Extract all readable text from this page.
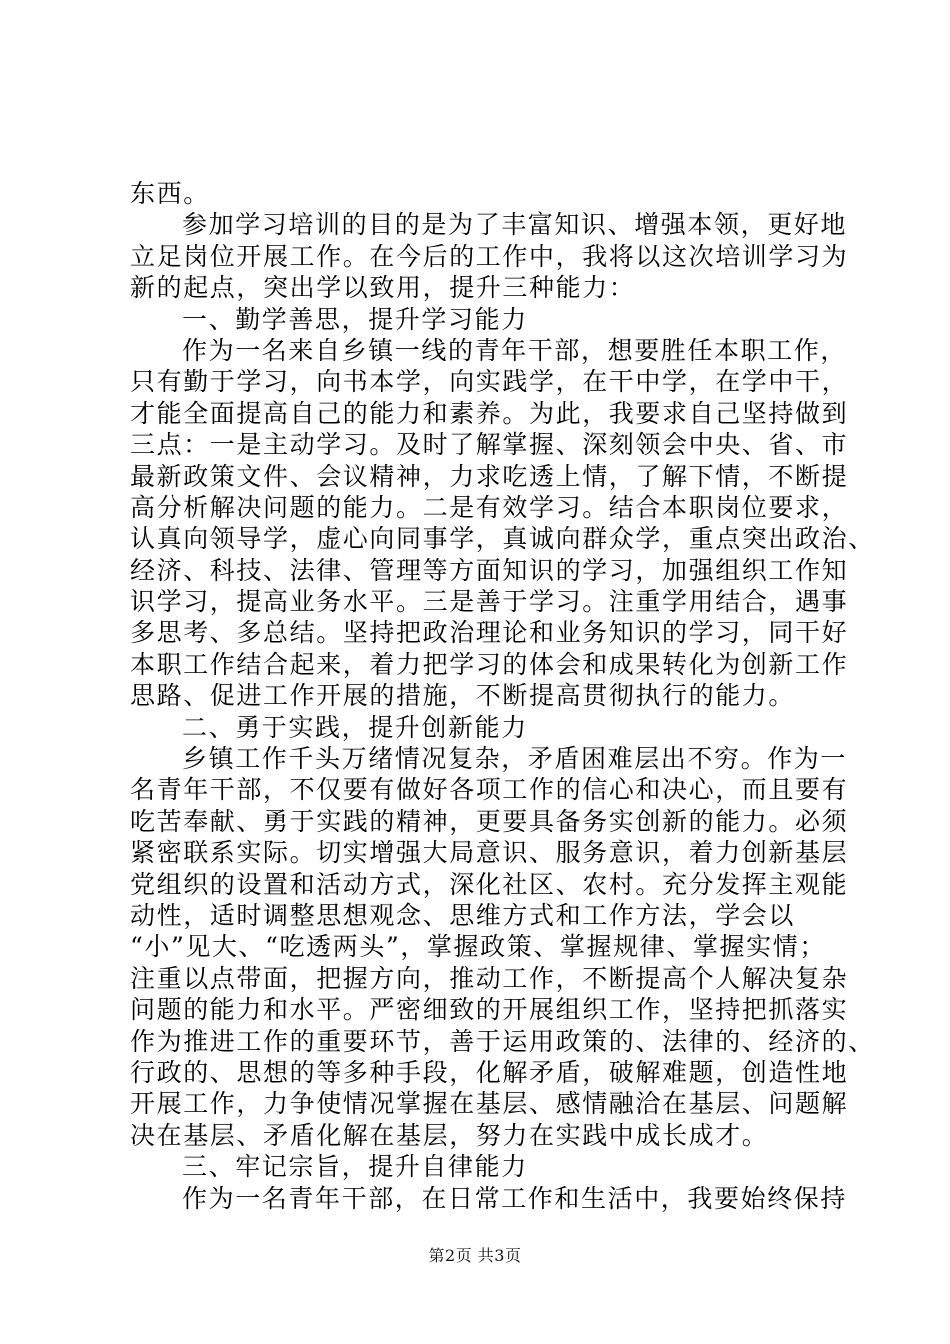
东西。
参加学习培训的目的是为了丰富知识、增强本领，更好地
立足岗位开展工作。在今后的工作中，我将以这次培训学习为
新的起点，突出学以致用，提升三种能力：
一、勤学善思，提升学习能力
作为一名来自乡镇一线的青年干部，想要胜任本职工作，
只有勤于学习，向书本学，向实践学，在干中学，在学中干，
才能全面提高自己的能力和素养。为此，我要求自己坚持做到
三点：一是主动学习。及时了解掌握、深刻领会中央、省、市
最新政策文件、会议精神，力求吃透上情，了解下情，不断提
高分析解决问题的能力。二是有效学习。结合本职岗位要求，
认真向领导学，虚心向同事学，真诚向群众学，重点突出政治、
经济、科技、法律、管理等方面知识的学习，加强组织工作知
识学习，提高业务水平。三是善于学习。注重学用结合，遇事
多思考、多总结。坚持把政治理论和业务知识的学习，同干好
本职工作结合起来，着力把学习的体会和成果转化为创新工作
思路、促进工作开展的措施，不断提高贯彻执行的能力。
二、勇于实践，提升创新能力
乡镇工作千头万绪情况复杂，矛盾困难层出不穷。作为一
名青年干部，不仅要有做好各项工作的信心和决心，而且要有
吃苦奉献、勇于实践的精神，更要具备务实创新的能力。必须
紧密联系实际。切实增强大局意识、服务意识，着力创新基层
党组织的设置和活动方式，深化社区、农村。充分发挥主观能
动性，适时调整思想观念、思维方式和工作方法，学会以
“小”见大、“吃透两头”，掌握政策、掌握规律、掌握实情；
注重以点带面，把握方向，推动工作，不断提高个人解决复杂
问题的能力和水平。严密细致的开展组织工作，坚持把抓落实
作为推进工作的重要环节，善于运用政策的、法律的、经济的、
行政的、思想的等多种手段，化解矛盾，破解难题，创造性地
开展工作，力争使情况掌握在基层、感情融洽在基层、问题解
决在基层、矛盾化解在基层，努力在实践中成长成才。
三、牢记宗旨，提升自律能力
作为一名青年干部，在日常工作和生活中，我要始终保持
第2页 共3页
